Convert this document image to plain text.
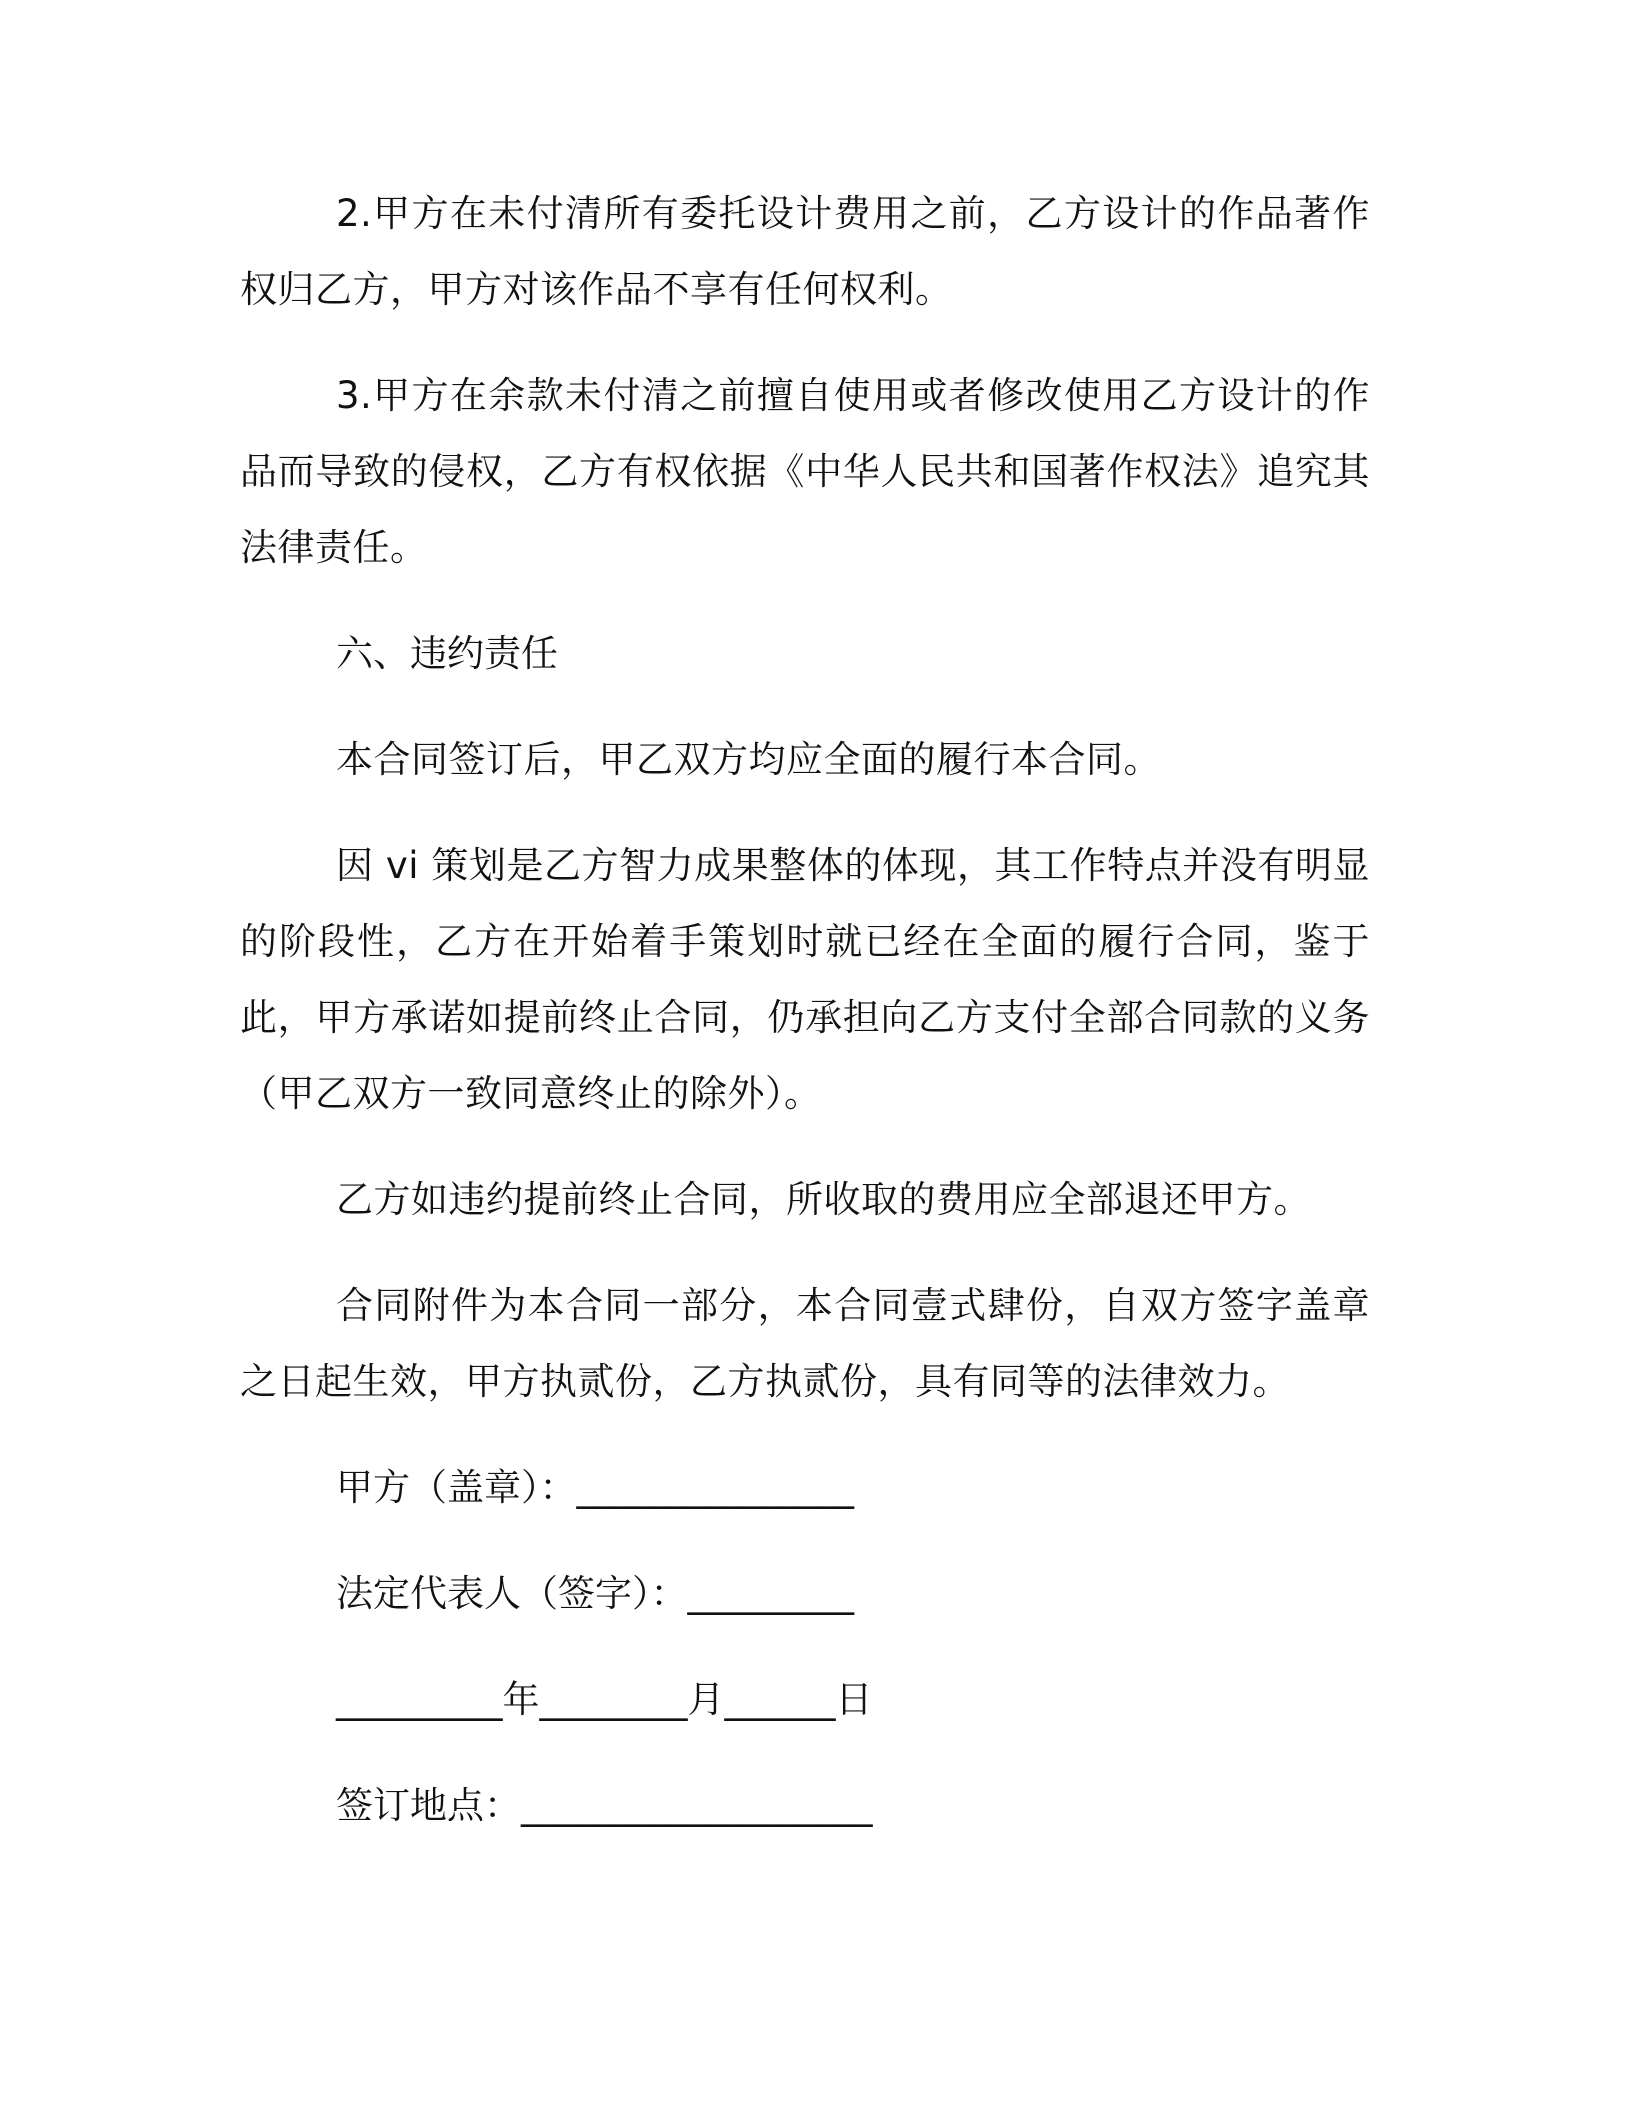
2.甲方在未付清所有委托设计费用之前，乙方设计的作品著作权归乙方，甲方对该作品不享有任何权利。

3.甲方在余款未付清之前擅自使用或者修改使用乙方设计的作品而导致的侵权，乙方有权依据《中华人民共和国著作权法》追究其法律责任。

六、违约责任

本合同签订后，甲乙双方均应全面的履行本合同。

因 vi 策划是乙方智力成果整体的体现，其工作特点并没有明显的阶段性，乙方在开始着手策划时就已经在全面的履行合同，鉴于此，甲方承诺如提前终止合同，仍承担向乙方支付全部合同款的义务（甲乙双方一致同意终止的除外）。

乙方如违约提前终止合同，所收取的费用应全部退还甲方。

合同附件为本合同一部分，本合同壹式肆份，自双方签字盖章之日起生效，甲方执贰份，乙方执贰份，具有同等的法律效力。

甲方（盖章）：_______________
法定代表人（签字）：_________
_________年________月______日
签订地点：___________________
